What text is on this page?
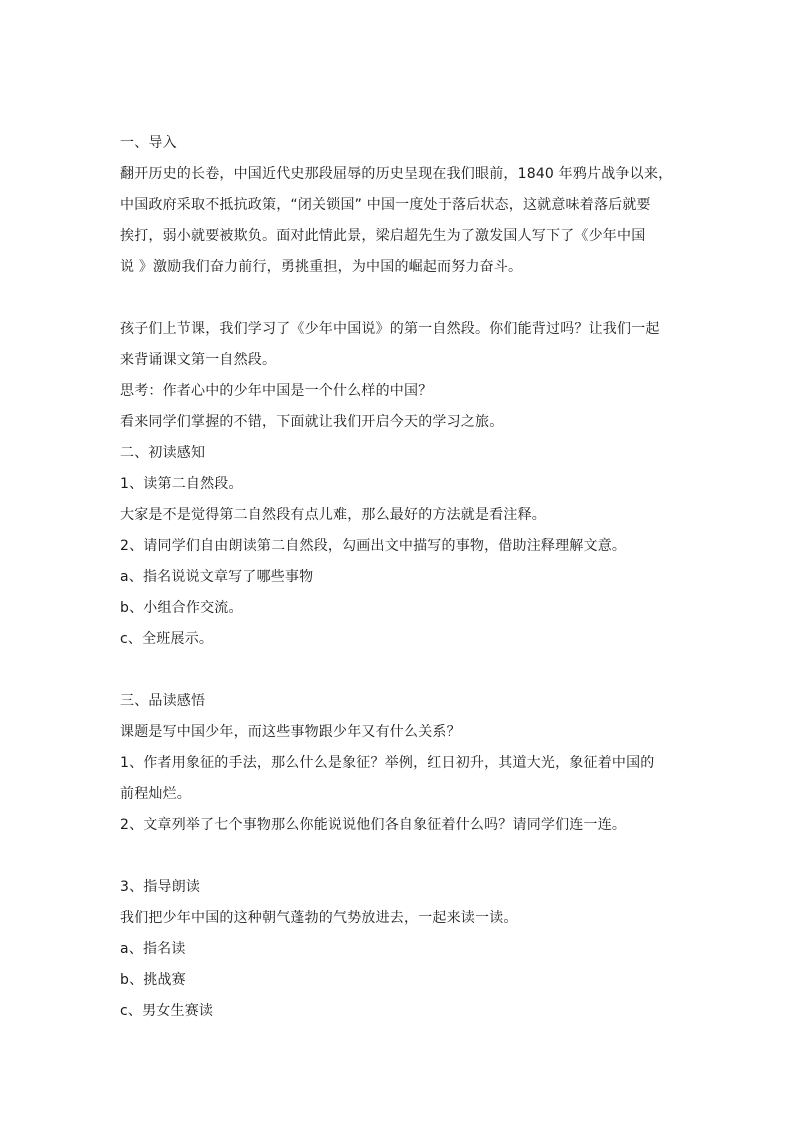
一、导入
翻开历史的长卷，中国近代史那段屈辱的历史呈现在我们眼前，1840 年鸦片战争以来，
中国政府采取不抵抗政策，“闭关锁国” 中国一度处于落后状态，这就意味着落后就要
挨打，弱小就要被欺负。面对此情此景，梁启超先生为了激发国人写下了《少年中国
说 》激励我们奋力前行，勇挑重担，为中国的崛起而努力奋斗。
孩子们上节课，我们学习了《少年中国说》的第一自然段。你们能背过吗？让我们一起
来背诵课文第一自然段。
思考：作者心中的少年中国是一个什么样的中国？
看来同学们掌握的不错，下面就让我们开启今天的学习之旅。
二、初读感知
1、读第二自然段。
大家是不是觉得第二自然段有点儿难，那么最好的方法就是看注释。
2、请同学们自由朗读第二自然段，勾画出文中描写的事物，借助注释理解文意。
a、指名说说文章写了哪些事物
b、小组合作交流。
c、全班展示。
三、品读感悟
课题是写中国少年，而这些事物跟少年又有什么关系？
1、作者用象征的手法，那么什么是象征？举例，红日初升，其道大光，象征着中国的
前程灿烂。
2、文章列举了七个事物那么你能说说他们各自象征着什么吗？请同学们连一连。
3、指导朗读
我们把少年中国的这种朝气蓬勃的气势放进去，一起来读一读。
a、指名读
b、挑战赛
c、男女生赛读
